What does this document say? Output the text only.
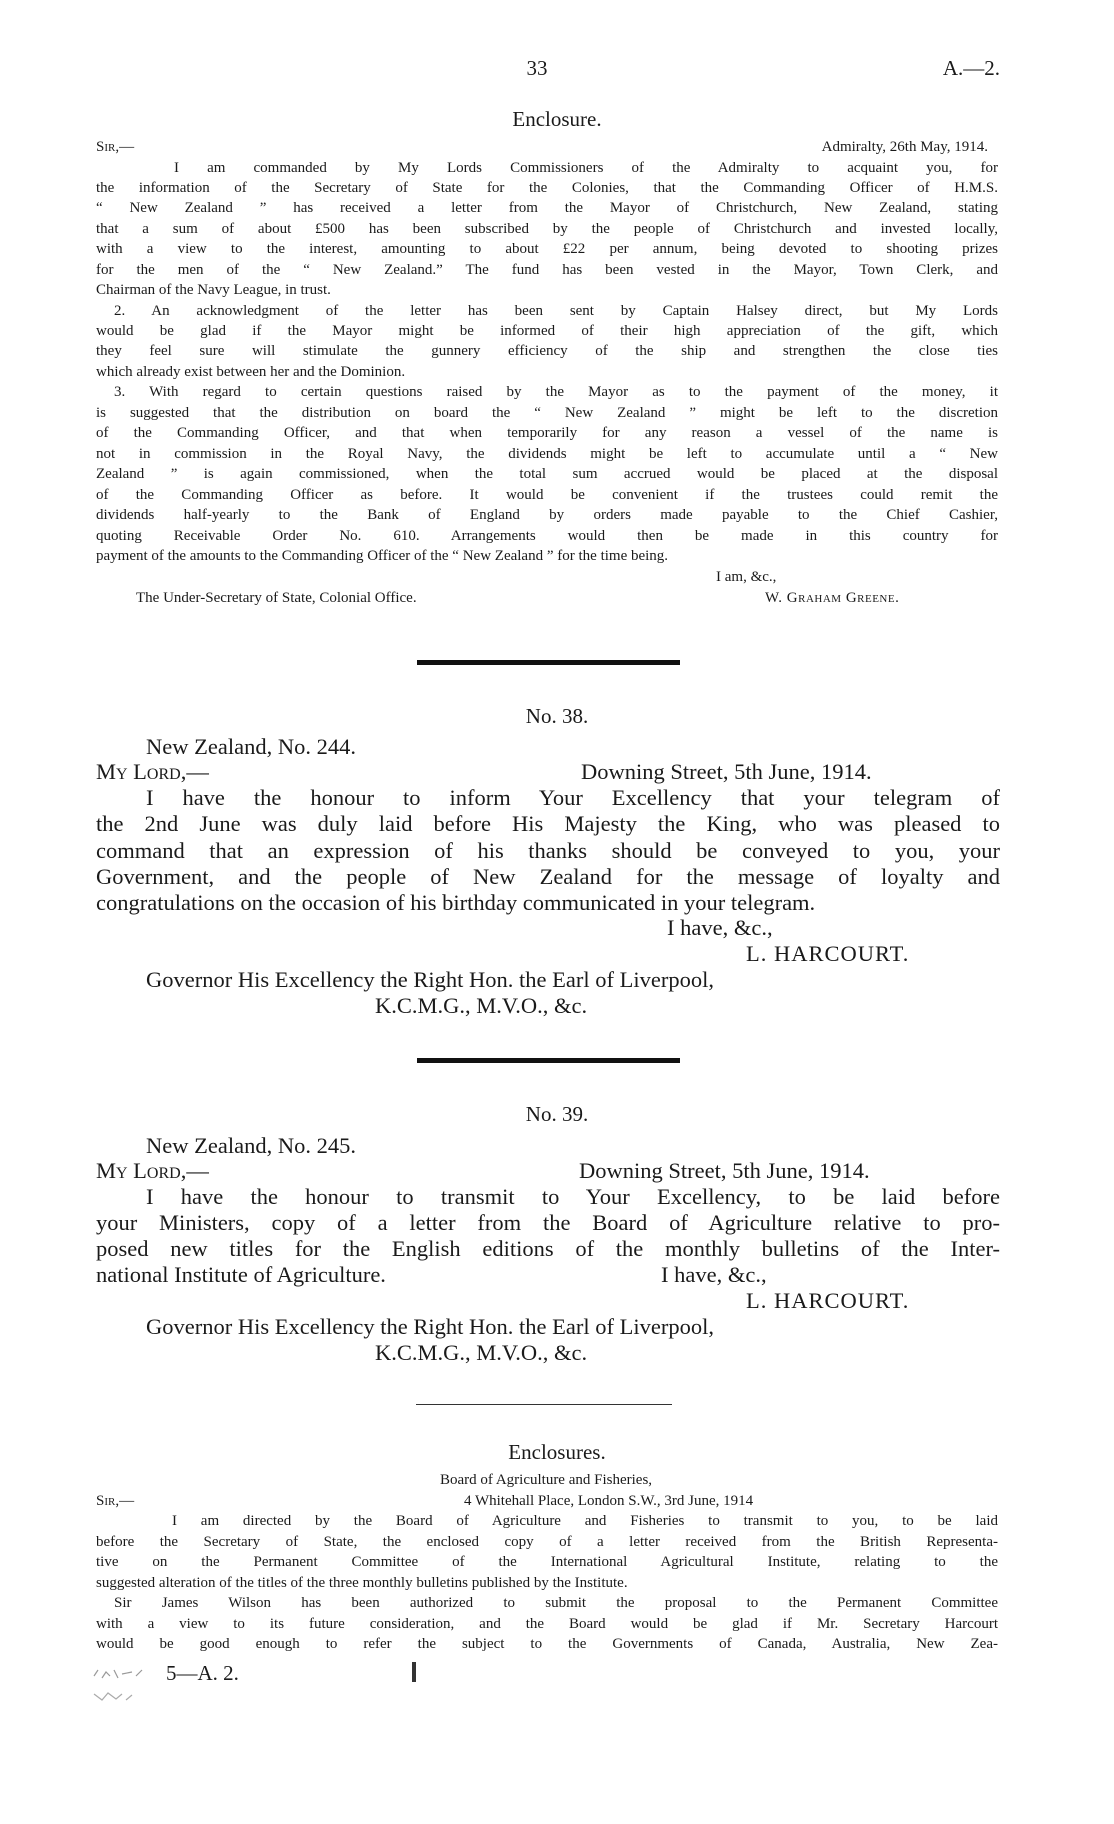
33	A.—2.
Enclosure.
Sir,—	Admiralty, 26th May, 1914.
I am commanded by My Lords Commissioners of the Admiralty to acquaint you, for
the information of the Secretary of State for the Colonies, that the Commanding Officer of H.M.S.
“ New Zealand ” has received a letter from the Mayor of Christchurch, New Zealand, stating
that a sum of about £500 has been subscribed by the people of Christchurch and invested locally,
with a view to the interest, amounting to about £22 per annum, being devoted to shooting prizes
for the men of the “ New Zealand.” The fund has been vested in the Mayor, Town Clerk, and
Chairman of the Navy League, in trust.
2. An acknowledgment of the letter has been sent by Captain Halsey direct, but My Lords
would be glad if the Mayor might be informed of their high appreciation of the gift, which
they feel sure will stimulate the gunnery efficiency of the ship and strengthen the close ties
which already exist between her and the Dominion.
3. With regard to certain questions raised by the Mayor as to the payment of the money, it
is suggested that the distribution on board the “ New Zealand ” might be left to the discretion
of the Commanding Officer, and that when temporarily for any reason a vessel of the name is
not in commission in the Royal Navy, the dividends might be left to accumulate until a “ New
Zealand ” is again commissioned, when the total sum accrued would be placed at the disposal
of the Commanding Officer as before. It would be convenient if the trustees could remit the
dividends half-yearly to the Bank of England by orders made payable to the Chief Cashier,
quoting Receivable Order No. 610. Arrangements would then be made in this country for
payment of the amounts to the Commanding Officer of the “ New Zealand ” for the time being.
I am, &c.,
The Under-Secretary of State, Colonial Office.	W. Graham Greene.
No. 38.
New Zealand, No. 244.
My Lord,—	Downing Street, 5th June, 1914.
I have the honour to inform Your Excellency that your telegram of
the 2nd June was duly laid before His Majesty the King, who was pleased to
command that an expression of his thanks should be conveyed to you, your
Government, and the people of New Zealand for the message of loyalty and
congratulations on the occasion of his birthday communicated in your telegram.
I have, &c.,
L. HARCOURT.
Governor His Excellency the Right Hon. the Earl of Liverpool,
K.C.M.G., M.V.O., &c.
No. 39.
New Zealand, No. 245.
My Lord,—	Downing Street, 5th June, 1914.
I have the honour to transmit to Your Excellency, to be laid before
your Ministers, copy of a letter from the Board of Agriculture relative to pro-
posed new titles for the English editions of the monthly bulletins of the Inter-
national Institute of Agriculture.	I have, &c.,
L. HARCOURT.
Governor His Excellency the Right Hon. the Earl of Liverpool,
K.C.M.G., M.V.O., &c.
Enclosures.
Board of Agriculture and Fisheries,
Sir,—	4 Whitehall Place, London S.W., 3rd June, 1914
I am directed by the Board of Agriculture and Fisheries to transmit to you, to be laid
before the Secretary of State, the enclosed copy of a letter received from the British Representa-
tive on the Permanent Committee of the International Agricultural Institute, relating to the
suggested alteration of the titles of the three monthly bulletins published by the Institute.
Sir James Wilson has been authorized to submit the proposal to the Permanent Committee
with a view to its future consideration, and the Board would be glad if Mr. Secretary Harcourt
would be good enough to refer the subject to the Governments of Canada, Australia, New Zea-
5—A. 2.
